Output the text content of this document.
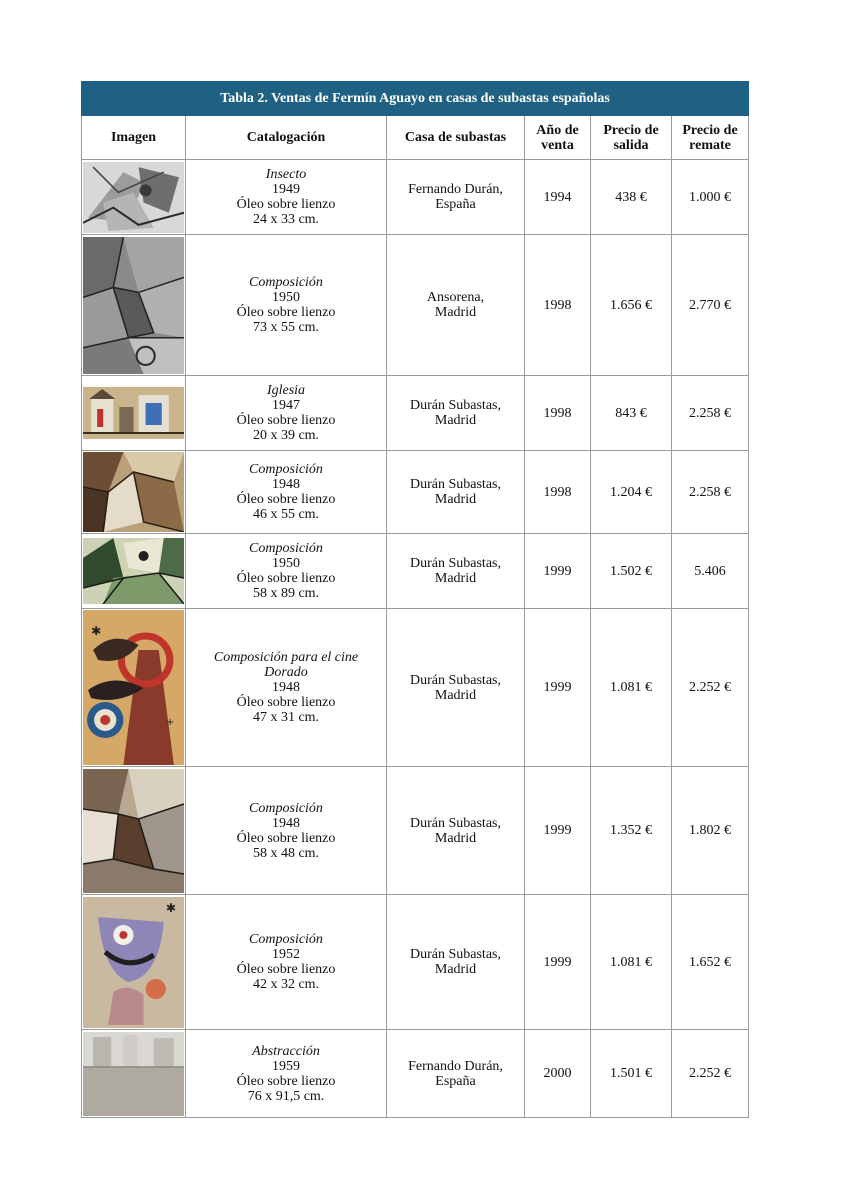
Tabla 2. Ventas de Fermín Aguayo en casas de subastas españolas					
Imagen	Catalogación	Casa de subastas	Año de
venta	Precio de
salida	Precio de
remate

Insecto
1949
Óleo sobre lienzo
24 x 33 cm.	Fernando Durán,
España	1994	438 €	1.000 €

Composición
1950
Óleo sobre lienzo
73 x 55 cm.	Ansorena,
Madrid	1998	1.656 €	2.770 €

Iglesia
1947
Óleo sobre lienzo
20 x 39 cm.	Durán Subastas,
Madrid	1998	843 €	2.258 €

Composición
1948
Óleo sobre lienzo
46 x 55 cm.	Durán Subastas,
Madrid	1998	1.204 €	2.258 €

Composición
1950
Óleo sobre lienzo
58 x 89 cm.	Durán Subastas,
Madrid	1999	1.502 €	5.406

✱
+	Composición para el cine
Dorado
1948
Óleo sobre lienzo
47 x 31 cm.	Durán Subastas,
Madrid	1999	1.081 €	2.252 €

Composición
1948
Óleo sobre lienzo
58 x 48 cm.	Durán Subastas,
Madrid	1999	1.352 €	1.802 €

✱	Composición
1952
Óleo sobre lienzo
42 x 32 cm.	Durán Subastas,
Madrid	1999	1.081 €	1.652 €

Abstracción
1959
Óleo sobre lienzo
76 x 91,5 cm.	Fernando Durán,
España	2000	1.501 €	2.252 €
